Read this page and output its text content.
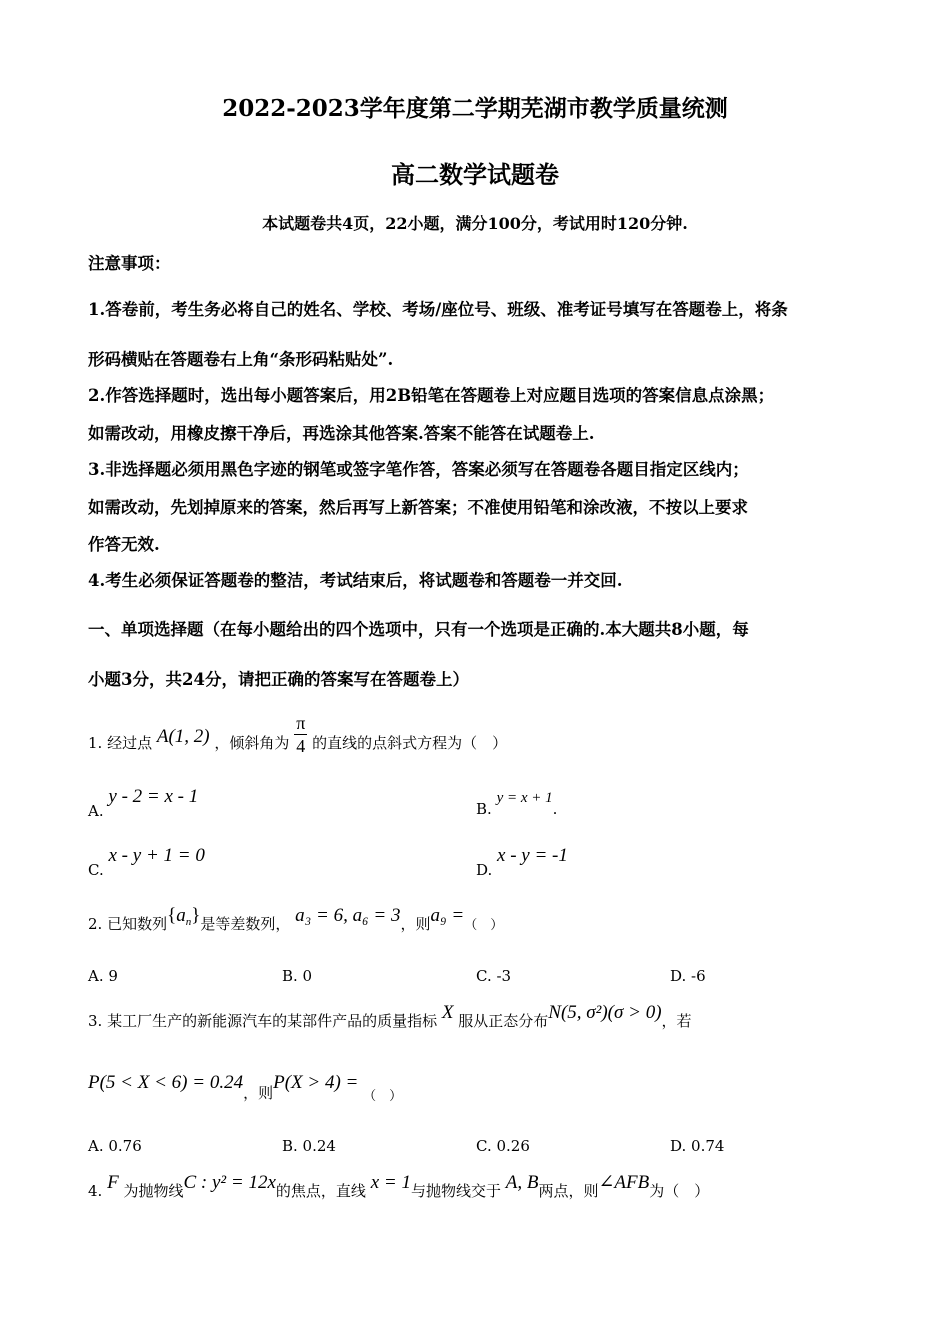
2022-2023学年度第二学期芜湖市教学质量统测
高二数学试题卷
本试题卷共4页，22小题，满分100分，考试用时120分钟.
注意事项：
1.答卷前，考生务必将自己的姓名、学校、考场/座位号、班级、准考证号填写在答题卷上，将条
形码横贴在答题卷右上角“条形码粘贴处”.
2.作答选择题时，选出每小题答案后，用2B铅笔在答题卷上对应题目选项的答案信息点涂黑；
如需改动，用橡皮擦干净后，再选涂其他答案.答案不能答在试题卷上.
3.非选择题必须用黑色字迹的钢笔或签字笔作答，答案必须写在答题卷各题目指定区线内；
如需改动，先划掉原来的答案，然后再写上新答案；不准使用铅笔和涂改液，不按以上要求
作答无效.
4.考生必须保证答题卷的整洁，考试结束后，将试题卷和答题卷一并交回.
一、单项选择题（在每小题给出的四个选项中，只有一个选项是正确的.本大题共8小题，每
小题3分，共24分，请把正确的答案写在答题卷上）
1. 经过点 A(1, 2) ，倾斜角为 $\frac{\pi}{4}$ 的直线的点斜式方程为（　）
A. y - 2 = x - 1
B. y = x + 1.
C. x - y + 1 = 0
D. x - y = -1
2. 已知数列$\{a_n\}$是等差数列， a₃ = 6, a₆ = 3，则a₉ =（　）
A. 9	B. 0	C. -3	D. -6
3. 某工厂生产的新能源汽车的某部件产品的质量指标 X 服从正态分布N(5, σ²)(σ > 0)，若
P(5 < X < 6) = 0.24，则P(X > 4) = （　）
A. 0.76	B. 0.24	C. 0.26	D. 0.74
4. F 为抛物线C : y² = 12x的焦点，直线 x = 1与抛物线交于 A, B两点，则∠AFB为（　）
